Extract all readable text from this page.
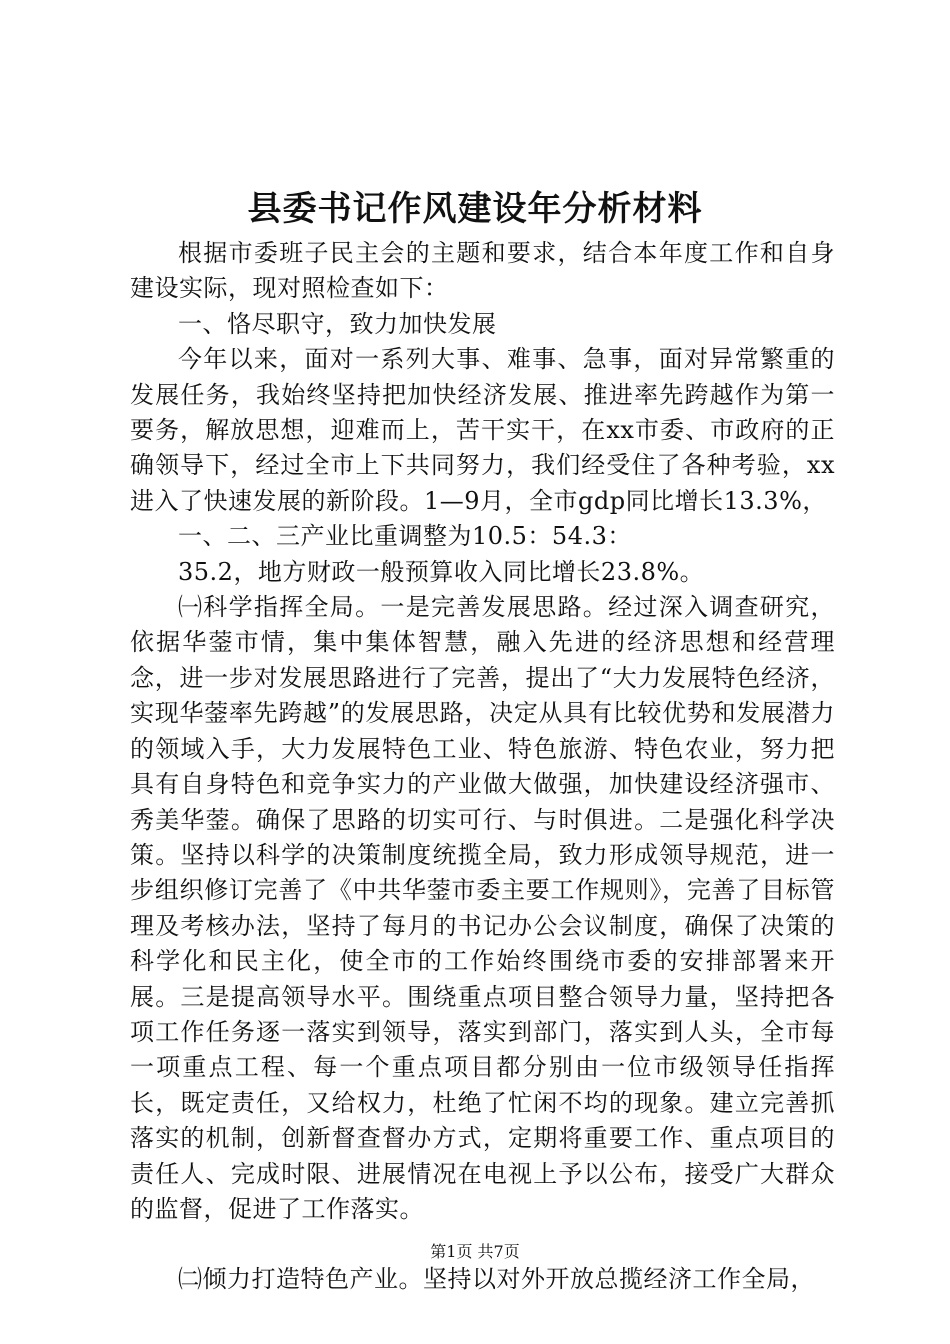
县委书记作风建设年分析材料

根据市委班子民主会的主题和要求，结合本年度工作和自身建设实际，现对照检查如下：

一、恪尽职守，致力加快发展

今年以来，面对一系列大事、难事、急事，面对异常繁重的发展任务，我始终坚持把加快经济发展、推进率先跨越作为第一要务，解放思想，迎难而上，苦干实干，在xx市委、市政府的正确领导下，经过全市上下共同努力，我们经受住了各种考验，xx进入了快速发展的新阶段。1—9月，全市gdp同比增长13.3%，

一、二、三产业比重调整为10.5：54.3：

35.2，地方财政一般预算收入同比增长23.8%。

㈠科学指挥全局。一是完善发展思路。经过深入调查研究，依据华蓥市情，集中集体智慧，融入先进的经济思想和经营理念，进一步对发展思路进行了完善，提出了“大力发展特色经济，实现华蓥率先跨越”的发展思路，决定从具有比较优势和发展潜力的领域入手，大力发展特色工业、特色旅游、特色农业，努力把具有自身特色和竞争实力的产业做大做强，加快建设经济强市、秀美华蓥。确保了思路的切实可行、与时俱进。二是强化科学决策。坚持以科学的决策制度统揽全局，致力形成领导规范，进一步组织修订完善了《中共华蓥市委主要工作规则》，完善了目标管理及考核办法，坚持了每月的书记办公会议制度，确保了决策的科学化和民主化，使全市的工作始终围绕市委的安排部署来开展。三是提高领导水平。围绕重点项目整合领导力量，坚持把各项工作任务逐一落实到领导，落实到部门，落实到人头，全市每一项重点工程、每一个重点项目都分别由一位市级领导任指挥长，既定责任，又给权力，杜绝了忙闲不均的现象。建立完善抓落实的机制，创新督查督办方式，定期将重要工作、重点项目的责任人、完成时限、进展情况在电视上予以公布，接受广大群众的监督，促进了工作落实。

㈡倾力打造特色产业。坚持以对外开放总揽经济工作全局，

第1页 共7页
